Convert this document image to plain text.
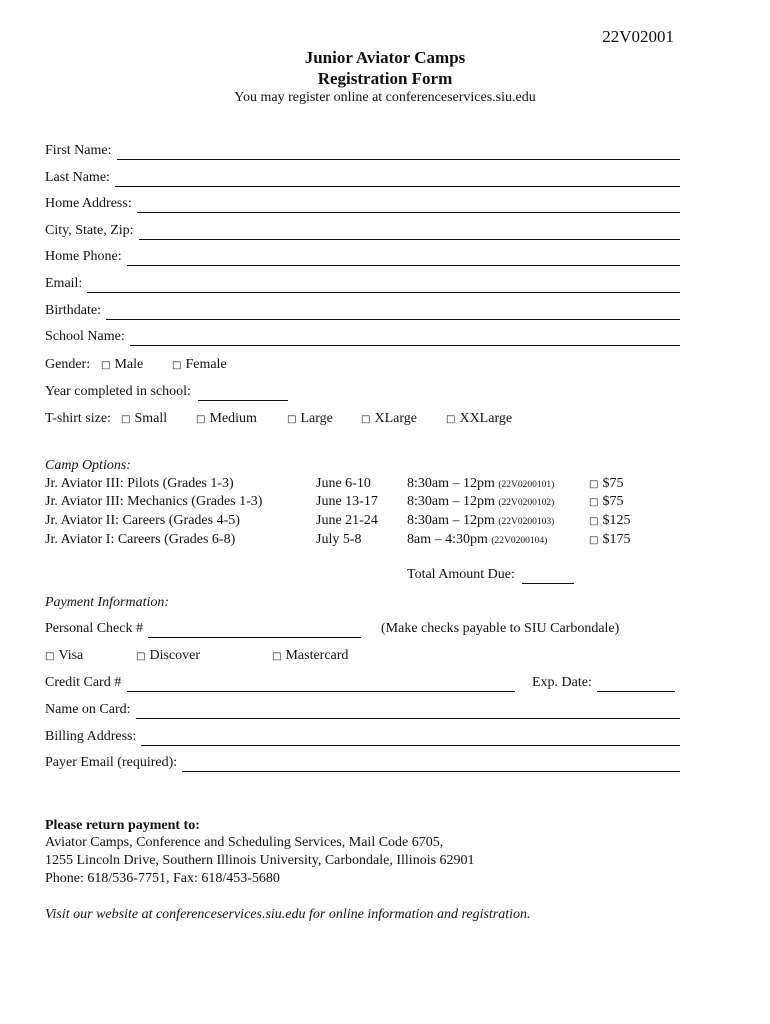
22V02001
Junior Aviator Camps
Registration Form
You may register online at conferenceservices.siu.edu
First Name:
Last Name:
Home Address:
City, State, Zip:
Home Phone:
Email:
Birthdate:
School Name:
Gender: □ Male	□ Female
Year completed in school:
T-shirt size: □ Small	□ Medium	□ Large	□ XLarge	□ XXLarge
Camp Options:
Jr. Aviator III: Pilots (Grades 1-3)	June 6-10	8:30am – 12pm (22V0200101)	□ $75
Jr. Aviator III: Mechanics (Grades 1-3)	June 13-17 8:30am – 12pm (22V0200102)	□ $75
Jr. Aviator II: Careers (Grades 4-5)	June 21-24 8:30am – 12pm (22V0200103)	□ $125
Jr. Aviator I: Careers (Grades 6-8)	July 5-8	8am – 4:30pm (22V0200104)	□ $175
Total Amount Due:
Payment Information:
Personal Check #	(Make checks payable to SIU Carbondale)
□ Visa	□ Discover	□ Mastercard
Credit Card #	Exp. Date:
Name on Card:
Billing Address:
Payer Email (required):
Please return payment to:
Aviator Camps, Conference and Scheduling Services, Mail Code 6705,
1255 Lincoln Drive, Southern Illinois University, Carbondale, Illinois 62901
Phone: 618/536-7751, Fax: 618/453-5680
Visit our website at conferenceservices.siu.edu for online information and registration.
